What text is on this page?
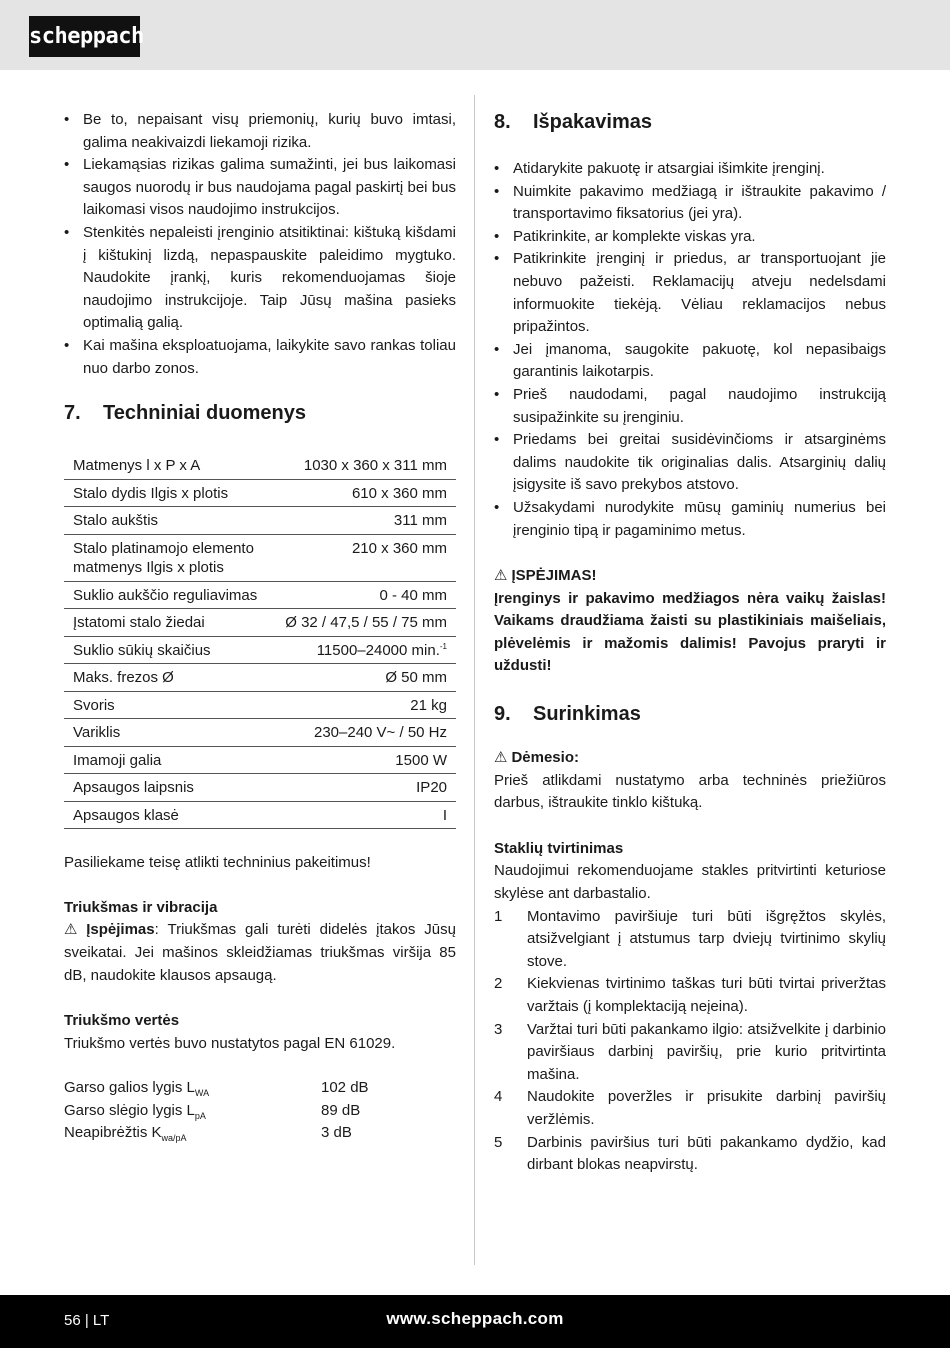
scheppach
• Be to, nepaisant visų priemonių, kurių buvo imtasi, galima neakivaizdi liekamoji rizika.
• Liekamąsias rizikas galima sumažinti, jei bus laikomasi saugos nuorodų ir bus naudojama pagal paskirtį bei bus laikomasi visos naudojimo instrukcijos.
• Stenkitės nepaleisti įrenginio atsitiktinai: kištuką kišdami į kištukinį lizdą, nepaspauskite paleidimo mygtuko. Naudokite įrankį, kuris rekomenduojamas šioje naudojimo instrukcijoje. Taip Jūsų mašina pasieks optimalią galią.
• Kai mašina eksploatuojama, laikykite savo rankas toliau nuo darbo zonos.
7.	Techniniai duomenys
Matmenys l x P x A	1030 x 360 x 311 mm
Stalo dydis Ilgis x plotis	610 x 360 mm
Stalo aukštis	311 mm
Stalo platinamojo elemento matmenys Ilgis x plotis	210 x 360 mm
Suklio aukščio reguliavimas	0 - 40 mm
Įstatomi stalo žiedai	Ø 32 / 47,5 / 55 / 75 mm
Suklio sūkių skaičius	11500–24000 min.$^{-1}$
Maks. frezos Ø	Ø 50 mm
Svoris	21 kg
Variklis	230–240 V~ / 50 Hz
Imamoji galia	1500 W
Apsaugos laipsnis	IP20
Apsaugos klasė	I

Pasiliekame teisę atlikti techninius pakeitimus!

Triukšmas ir vibracija

⚠ Įspėjimas: Triukšmas gali turėti didelės įtakos Jūsų sveikatai. Jei mašinos skleidžiamas triukšmas viršija 85 dB, naudokite klausos apsaugą.

Triukšmo vertės

Triukšmo vertės buvo nustatytos pagal EN 61029.

Garso galios lygis $L_{WA}$	102 dB
Garso slėgio lygis $L_{pA}$	89 dB
Neapibrėžtis $K_{wa/pA}$	3 dB
8.	Išpakavimas
• Atidarykite pakuotę ir atsargiai išimkite įrenginį.
• Nuimkite pakavimo medžiagą ir ištraukite pakavimo / transportavimo fiksatorius (jei yra).
• Patikrinkite, ar komplekte viskas yra.
• Patikrinkite įrenginį ir priedus, ar transportuojant jie nebuvo pažeisti. Reklamacijų atveju nedelsdami informuokite tiekėją. Vėliau reklamacijos nebus pripažintos.
• Jei įmanoma, saugokite pakuotę, kol nepasibaigs garantinis laikotarpis.
• Prieš naudodami, pagal naudojimo instrukciją susipažinkite su įrenginiu.
• Priedams bei greitai susidėvinčioms ir atsarginėms dalims naudokite tik originalias dalis. Atsarginių dalių įsigysite iš savo prekybos atstovo.
• Užsakydami nurodykite mūsų gaminių numerius bei įrenginio tipą ir pagaminimo metus.

⚠ ĮSPĖJIMAS!

Įrenginys ir pakavimo medžiagos nėra vaikų žaislas! Vaikams draudžiama žaisti su plastikiniais maišeliais, plėvelėmis ir mažomis dalimis! Pavojus praryti ir uždusti!

9.	Surinkimas

⚠ Dėmesio:

Prieš atlikdami nustatymo arba techninės priežiūros darbus, ištraukite tinklo kištuką.

Staklių tvirtinimas

Naudojimui rekomenduojame stakles pritvirtinti keturiose skylėse ant darbastalio.

1	Montavimo paviršiuje turi būti išgręžtos skylės, atsižvelgiant į atstumus tarp dviejų tvirtinimo skylių stove.
2	Kiekvienas tvirtinimo taškas turi būti tvirtai priveržtas varžtais (į komplektaciją neįeina).
3	Varžtai turi būti pakankamo ilgio: atsižvelkite į darbinio paviršiaus darbinį paviršių, prie kurio pritvirtinta mašina.
4	Naudokite poveržles ir prisukite darbinį paviršių veržlėmis.
5	Darbinis paviršius turi būti pakankamo dydžio, kad dirbant blokas neapvirstų.
56 | LT	www.scheppach.com
